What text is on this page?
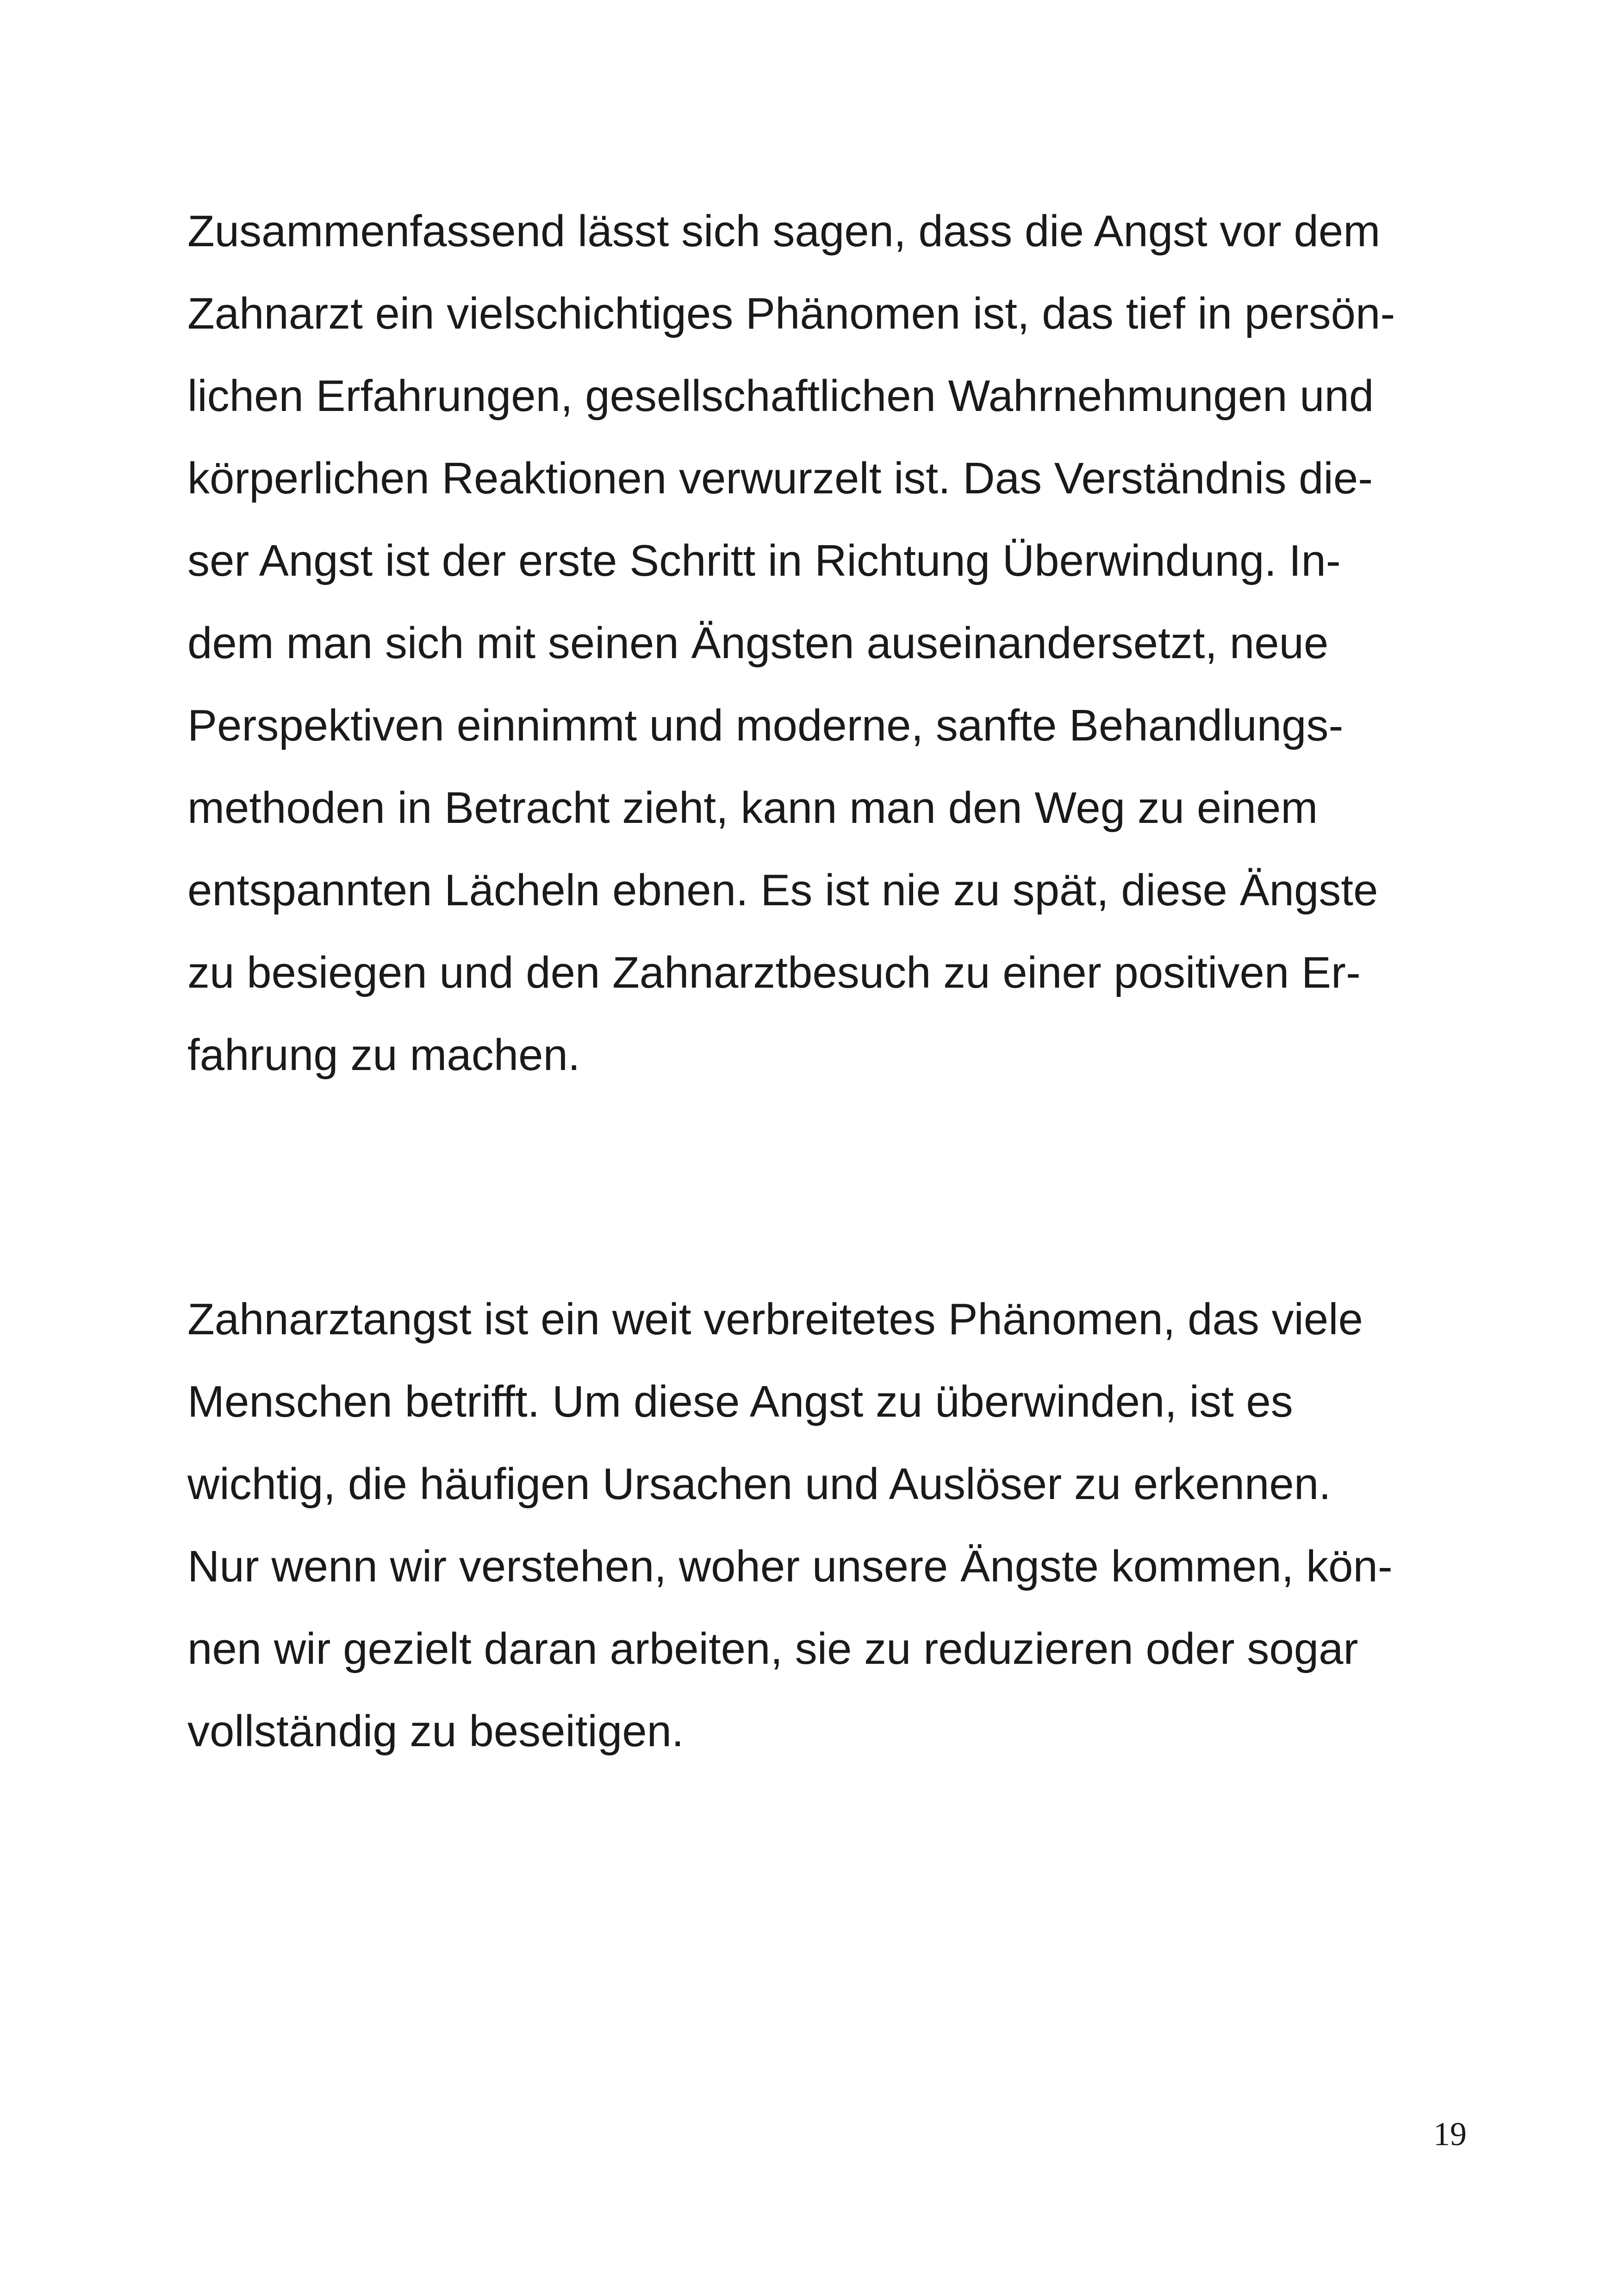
Zusammenfassend lässt sich sagen, dass die Angst vor dem
Zahnarzt ein vielschichtiges Phänomen ist, das tief in persön-
lichen Erfahrungen, gesellschaftlichen Wahrnehmungen und
körperlichen Reaktionen verwurzelt ist. Das Verständnis die-
ser Angst ist der erste Schritt in Richtung Überwindung. In-
dem man sich mit seinen Ängsten auseinandersetzt, neue
Perspektiven einnimmt und moderne, sanfte Behandlungs-
methoden in Betracht zieht, kann man den Weg zu einem
entspannten Lächeln ebnen. Es ist nie zu spät, diese Ängste
zu besiegen und den Zahnarztbesuch zu einer positiven Er-
fahrung zu machen.

Zahnarztangst ist ein weit verbreitetes Phänomen, das viele
Menschen betrifft. Um diese Angst zu überwinden, ist es
wichtig, die häufigen Ursachen und Auslöser zu erkennen.
Nur wenn wir verstehen, woher unsere Ängste kommen, kön-
nen wir gezielt daran arbeiten, sie zu reduzieren oder sogar
vollständig zu beseitigen.

19
